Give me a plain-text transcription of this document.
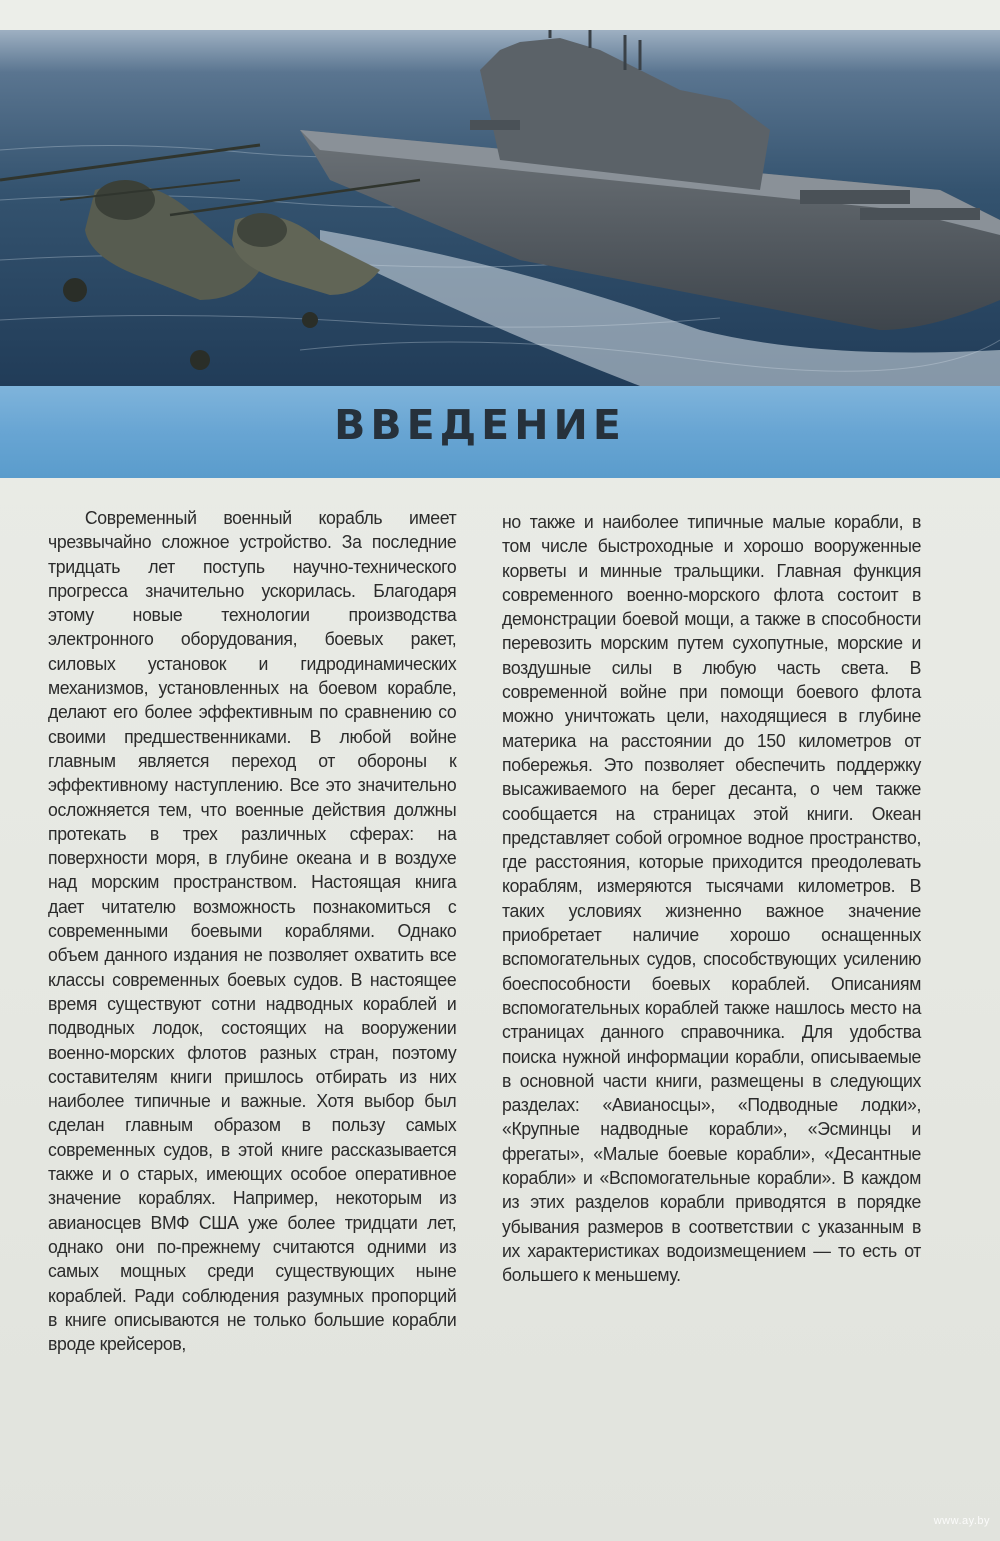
ВВЕДЕНИЕ

Современный военный корабль имеет чрезвычайно сложное устройство. За последние тридцать лет поступь научно-технического прогресса значительно ускорилась. Благодаря этому новые технологии производства электронного оборудования, боевых ракет, силовых установок и гидродинамических механизмов, установленных на боевом корабле, делают его более эффективным по сравнению со своими предшественниками. В любой войне главным является переход от обороны к эффективному наступлению. Все это значительно осложняется тем, что военные действия должны протекать в трех различных сферах: на поверхности моря, в глубине океана и в воздухе над морским пространством. Настоящая книга дает читателю возможность познакомиться с современными боевыми кораблями. Однако объем данного издания не позволяет охватить все классы современных боевых судов. В настоящее время существуют сотни надводных кораблей и подводных лодок, состоящих на вооружении военно-морских флотов разных стран, поэтому составителям книги пришлось отбирать из них наиболее типичные и важные. Хотя выбор был сделан главным образом в пользу самых современных судов, в этой книге рассказывается также и о старых, имеющих особое оперативное значение кораблях. Например, некоторым из авианосцев ВМФ США уже более тридцати лет, однако они по-прежнему считаются одними из самых мощных среди существующих ныне кораблей. Ради соблюдения разумных пропорций в книге описываются не только большие корабли вроде крейсеров,

но также и наиболее типичные малые корабли, в том числе быстроходные и хорошо вооруженные корветы и минные тральщики. Главная функция современного военно-морского флота состоит в демонстрации боевой мощи, а также в способности перевозить морским путем сухопутные, морские и воздушные силы в любую часть света. В современной войне при помощи боевого флота можно уничтожать цели, находящиеся в глубине материка на расстоянии до 150 километров от побережья. Это позволяет обеспечить поддержку высаживаемого на берег десанта, о чем также сообщается на страницах этой книги. Океан представляет собой огромное водное пространство, где расстояния, которые приходится преодолевать кораблям, измеряются тысячами километров. В таких условиях жизненно важное значение приобретает наличие хорошо оснащенных вспомогательных судов, способствующих усилению боеспособности боевых кораблей. Описаниям вспомогательных кораблей также нашлось место на страницах данного справочника. Для удобства поиска нужной информации корабли, описываемые в основной части книги, размещены в следующих разделах: «Авианосцы», «Подводные лодки», «Крупные надводные корабли», «Эсминцы и фрегаты», «Малые боевые корабли», «Десантные корабли» и «Вспомогательные корабли». В каждом из этих разделов корабли приводятся в порядке убывания размеров в соответствии с указанным в их характеристиках водоизмещением — то есть от большего к меньшему.

www.ay.by
